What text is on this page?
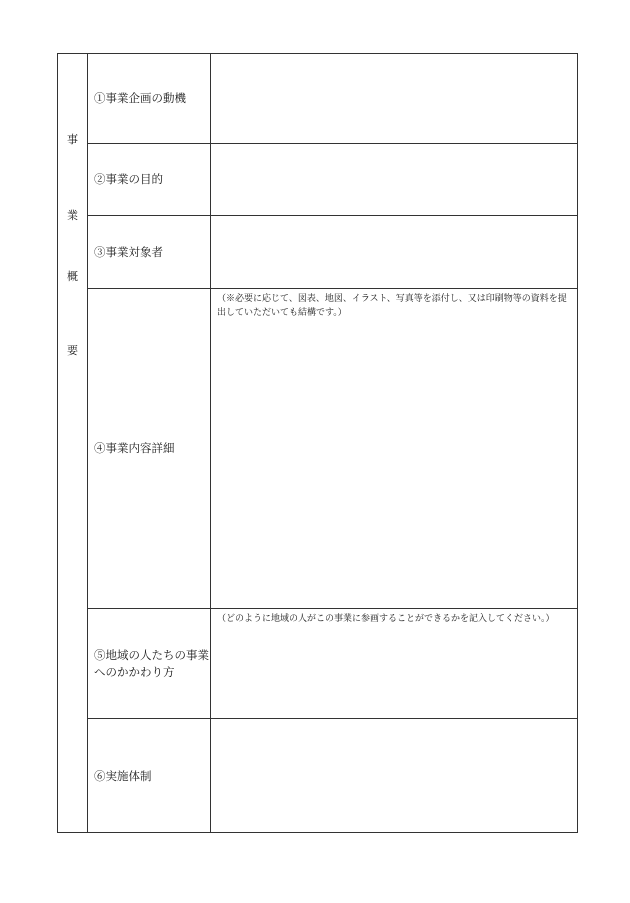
事
業
概
要
①事業企画の動機
②事業の目的
③事業対象者
④事業内容詳細
（※必要に応じて、図表、地図、イラスト、写真等を添付し、又は印刷物等の資料を提出していただいても結構です。）
⑤地域の人たちの事業へのかかわり方
（どのように地域の人がこの事業に参画することができるかを記入してください。）
⑥実施体制
